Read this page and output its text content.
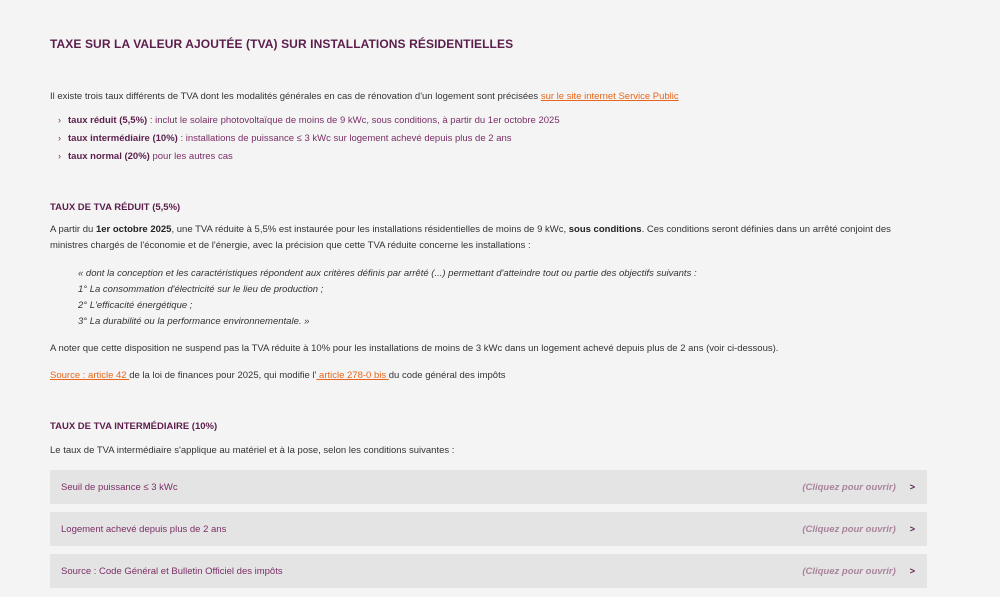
TAXE SUR LA VALEUR AJOUTÉE (TVA) SUR INSTALLATIONS RÉSIDENTIELLES
Il existe trois taux différents de TVA dont les modalités générales en cas de rénovation d'un logement sont précisées sur le site internet Service Public
› taux réduit (5,5%) : inclut le solaire photovoltaïque de moins de 9 kWc, sous conditions, à partir du 1er octobre 2025
› taux intermédiaire (10%) : installations de puissance ≤ 3 kWc sur logement achevé depuis plus de 2 ans
› taux normal (20%) pour les autres cas
TAUX DE TVA RÉDUIT (5,5%)
A partir du 1er octobre 2025, une TVA réduite à 5,5% est instaurée pour les installations résidentielles de moins de 9 kWc, sous conditions. Ces conditions seront définies dans un arrêté conjoint des ministres chargés de l'économie et de l'énergie, avec la précision que cette TVA réduite concerne les installations :
« dont la conception et les caractéristiques répondent aux critères définis par arrêté (...) permettant d'atteindre tout ou partie des objectifs suivants :
1° La consommation d'électricité sur le lieu de production ;
2° L'efficacité énergétique ;
3° La durabilité ou la performance environnementale. »
A noter que cette disposition ne suspend pas la TVA réduite à 10% pour les installations de moins de 3 kWc dans un logement achevé depuis plus de 2 ans (voir ci-dessous).
Source : article 42 de la loi de finances pour 2025, qui modifie l' article 278-0 bis du code général des impôts
TAUX DE TVA INTERMÉDIAIRE (10%)
Le taux de TVA intermédiaire s'applique au matériel et à la pose, selon les conditions suivantes :
Seuil de puissance ≤ 3 kWc	(Cliquez pour ouvrir) >
Logement achevé depuis plus de 2 ans	(Cliquez pour ouvrir) >
Source : Code Général et Bulletin Officiel des impôts	(Cliquez pour ouvrir) >
